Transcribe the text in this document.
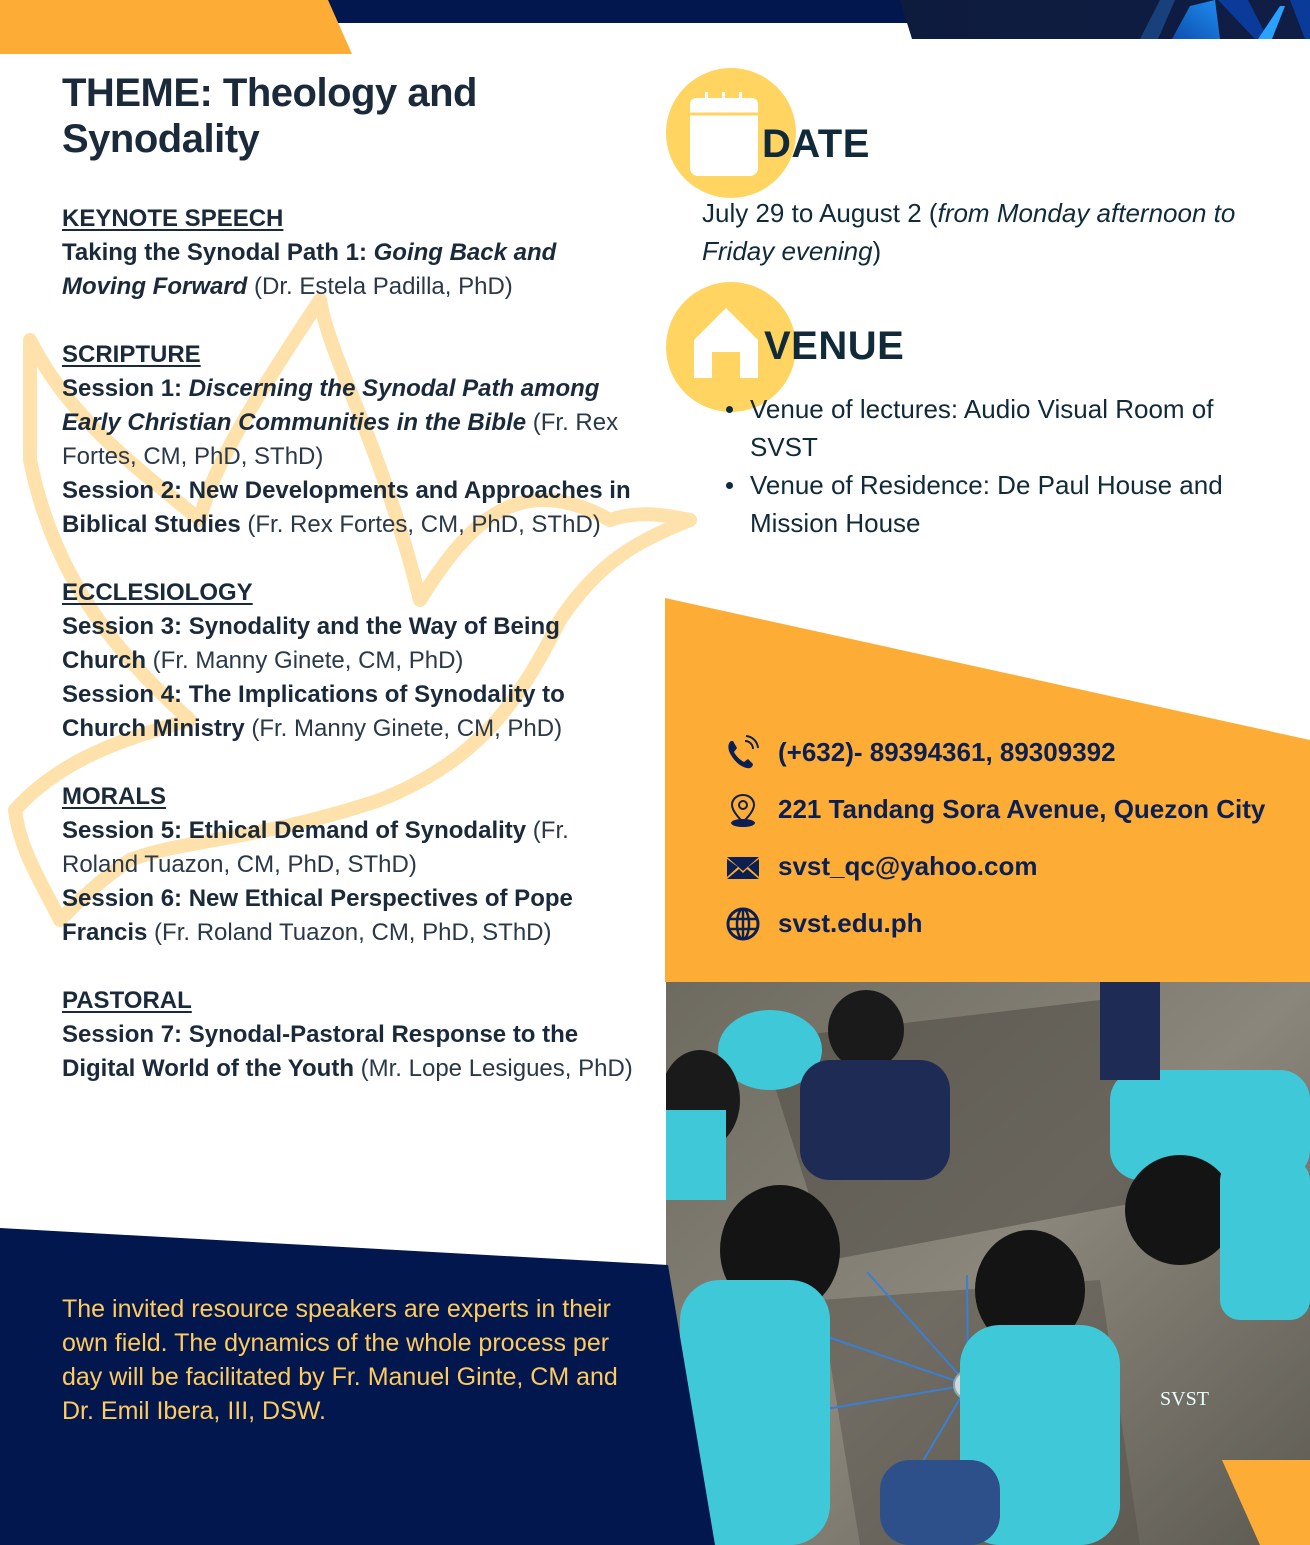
SVST
THEME: Theology and Synodality
KEYNOTE SPEECH
Taking the Synodal Path 1: Going Back and Moving Forward (Dr. Estela Padilla, PhD)
SCRIPTURE
Session 1: Discerning the Synodal Path among Early Christian Communities in the Bible (Fr. Rex Fortes, CM, PhD, SThD)
Session 2: New Developments and Approaches in Biblical Studies (Fr. Rex Fortes, CM, PhD, SThD)
ECCLESIOLOGY
Session 3: Synodality and the Way of Being Church (Fr. Manny Ginete, CM, PhD)
Session 4: The Implications of Synodality to Church Ministry (Fr. Manny Ginete, CM, PhD)
MORALS
Session 5: Ethical Demand of Synodality (Fr. Roland Tuazon, CM, PhD, SThD)
Session 6: New Ethical Perspectives of Pope Francis (Fr. Roland Tuazon, CM, PhD, SThD)
PASTORAL
Session 7: Synodal-Pastoral Response to the Digital World of the Youth (Mr. Lope Lesigues, PhD)
DATE
July 29 to August 2 (from Monday afternoon to Friday evening)
VENUE
Venue of lectures: Audio Visual Room of SVST
Venue of Residence: De Paul House and Mission House
(+632)- 89394361, 89309392
221 Tandang Sora Avenue, Quezon City
svst_qc@yahoo.com
svst.edu.ph

The invited resource speakers are experts in their own field. The dynamics of the whole process per day will be facilitated by Fr. Manuel Ginte, CM and Dr. Emil Ibera, III, DSW.
